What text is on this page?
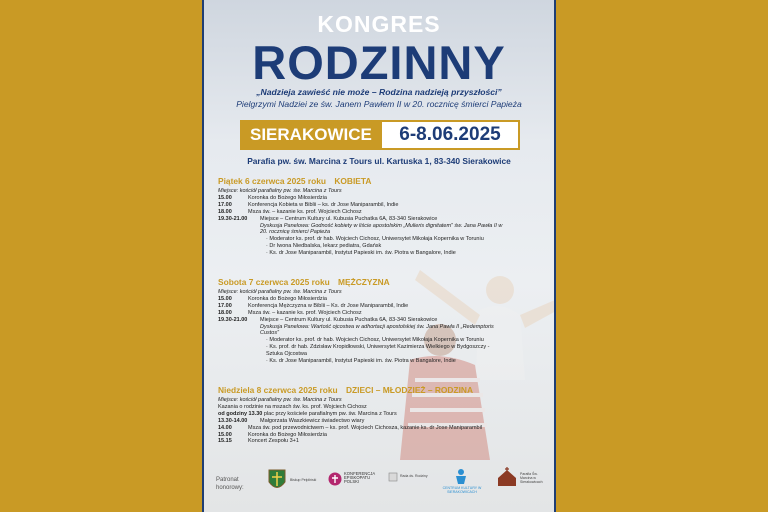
KONGRES
RODZINNY
„Nadzieja zawieść nie może – Rodzina nadzieją przyszłości”
Pielgrzymi Nadziei ze św. Janem Pawłem II w 20. rocznicę śmierci Papieża
SIERAKOWICE	6-8.06.2025
Parafia pw. św. Marcina z Tours ul. Kartuska 1, 83-340 Sierakowice
Piątek 6 czerwca 2025 roku KOBIETA
Miejsce: kościół parafialny pw. św. Marcina z Tours
15.00	Koronka do Bożego Miłosierdzia
17.00	Konferencja Kobieta w Biblii – ks. dr Jose Maniparambil, Indie
18.00	Msza św. – kazanie ks. prof. Wojciech Cichosz
19.30-21.00	Miejsce – Centrum Kultury ul. Kubusia Puchatka 6A, 83-340 Sierakowice
Dyskusja Panelowa: Godność kobiety w liście apostolskim „Mulieris dignitatem” św. Jana Pawła II w 20. rocznicę śmierci Papieża
· Moderator ks. prof. dr hab. Wojciech Cichosz, Uniwersytet Mikołaja Kopernika w Toruniu
· Dr Iwona Niedbalska, lekarz pediatra, Gdańsk
· Ks. dr Jose Maniparambil, Instytut Papieski im. św. Piotra w Bangalore, Indie
Sobota 7 czerwca 2025 roku MĘŻCZYZNA
Miejsce: kościół parafialny pw. św. Marcina z Tours
15.00	Koronka do Bożego Miłosierdzia
17.00	Konferencja Mężczyzna w Biblii – Ks. dr Jose Maniparambil, Indie
18.00	Msza św. – kazanie ks. prof. Wojciech Cichosz
19.30-21.00	Miejsce – Centrum Kultury ul. Kubusia Puchatka 6A, 83-340 Sierakowice
Dyskusja Panelowa: Wartość ojcostwa w adhortacji apostolskiej św. Jana Pawła II „Redemptoris Custos”
· Moderator ks. prof. dr hab. Wojciech Cichosz, Uniwersytet Mikołaja Kopernika w Toruniu
· Ks. prof. dr hab. Zdzisław Kropidłowski, Uniwersytet Kazimierza Wielkiego w Bydgoszczy - Sztuka Ojcostwa
· Ks. dr Jose Maniparambil, Instytut Papieski im. św. Piotra w Bangalore, Indie
Niedziela 8 czerwca 2025 roku DZIECI – MŁODZIEŻ – RODZINA
Miejsce: kościół parafialny pw. św. Marcina z Tours
Kazania o rodzinie na mszach św. ks. prof. Wojciech Cichosz
od godziny 13.30 plac przy kościele parafialnym pw. św. Marcina z Tours
13.30-14.00	Małgorzata Waszkiewicz świadectwo wiary
14.00	Msza św. pod przewodnictwem – ks. prof. Wojciech Cichosza, kazanie ks. dr Jose Maniparambil
15.00	Koronka do Bożego Miłosierdzia
15.15	Koncert Zespołu 3+1
Patronat honorowy:
Biskup Pelpliński
KONFERENCJA EPISKOPATU POLSKI
Rada ds. Rodziny
CENTRUM KULTURY W SIERAKOWICACH
Parafia Św. Marcina w Sierakowicach
